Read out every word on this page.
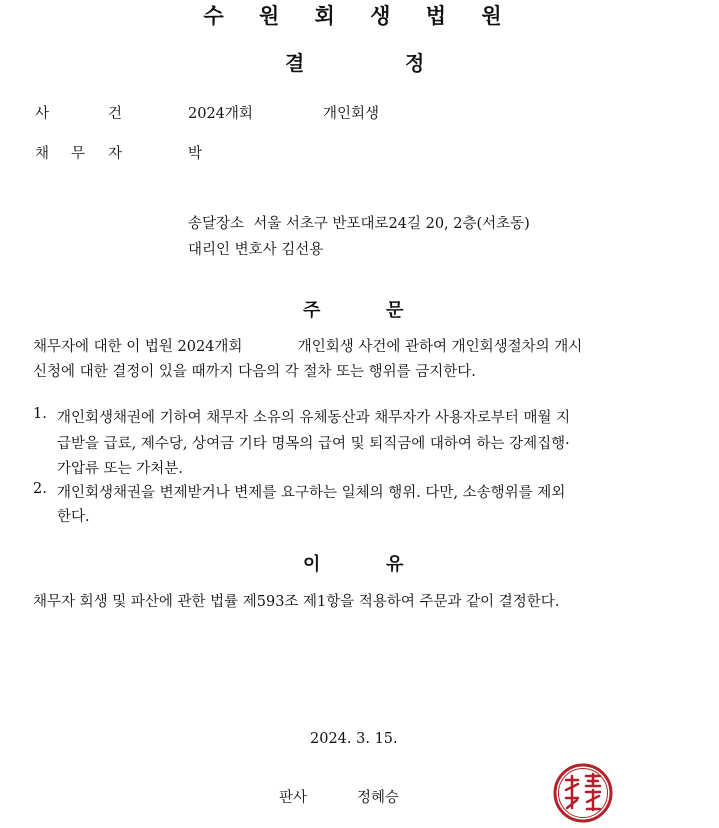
수 원 회 생 법 원
결	정
사	건	2024개회	개인회생
채 무 자	박
송달장소  서울 서초구 반포대로24길 20, 2층(서초동)
대리인 변호사 김선용
주	문
채무자에 대한 이 법원 2024개회            개인회생 사건에 관하여 개인회생절차의 개시
신청에 대한 결정이 있을 때까지 다음의 각 절차 또는 행위를 금지한다.
1. 개인회생채권에 기하여 채무자 소유의 유체동산과 채무자가 사용자로부터 매월 지
급받을 급료, 제수당, 상여금 기타 명목의 급여 및 퇴직금에 대하여 하는 강제집행·
가압류 또는 가처분.
2. 개인회생채권을 변제받거나 변제를 요구하는 일체의 행위. 다만, 소송행위를 제외
한다.
이	유
채무자 회생 및 파산에 관한 법률 제593조 제1항을 적용하여 주문과 같이 결정한다.
2024. 3. 15.
판사	정혜승
